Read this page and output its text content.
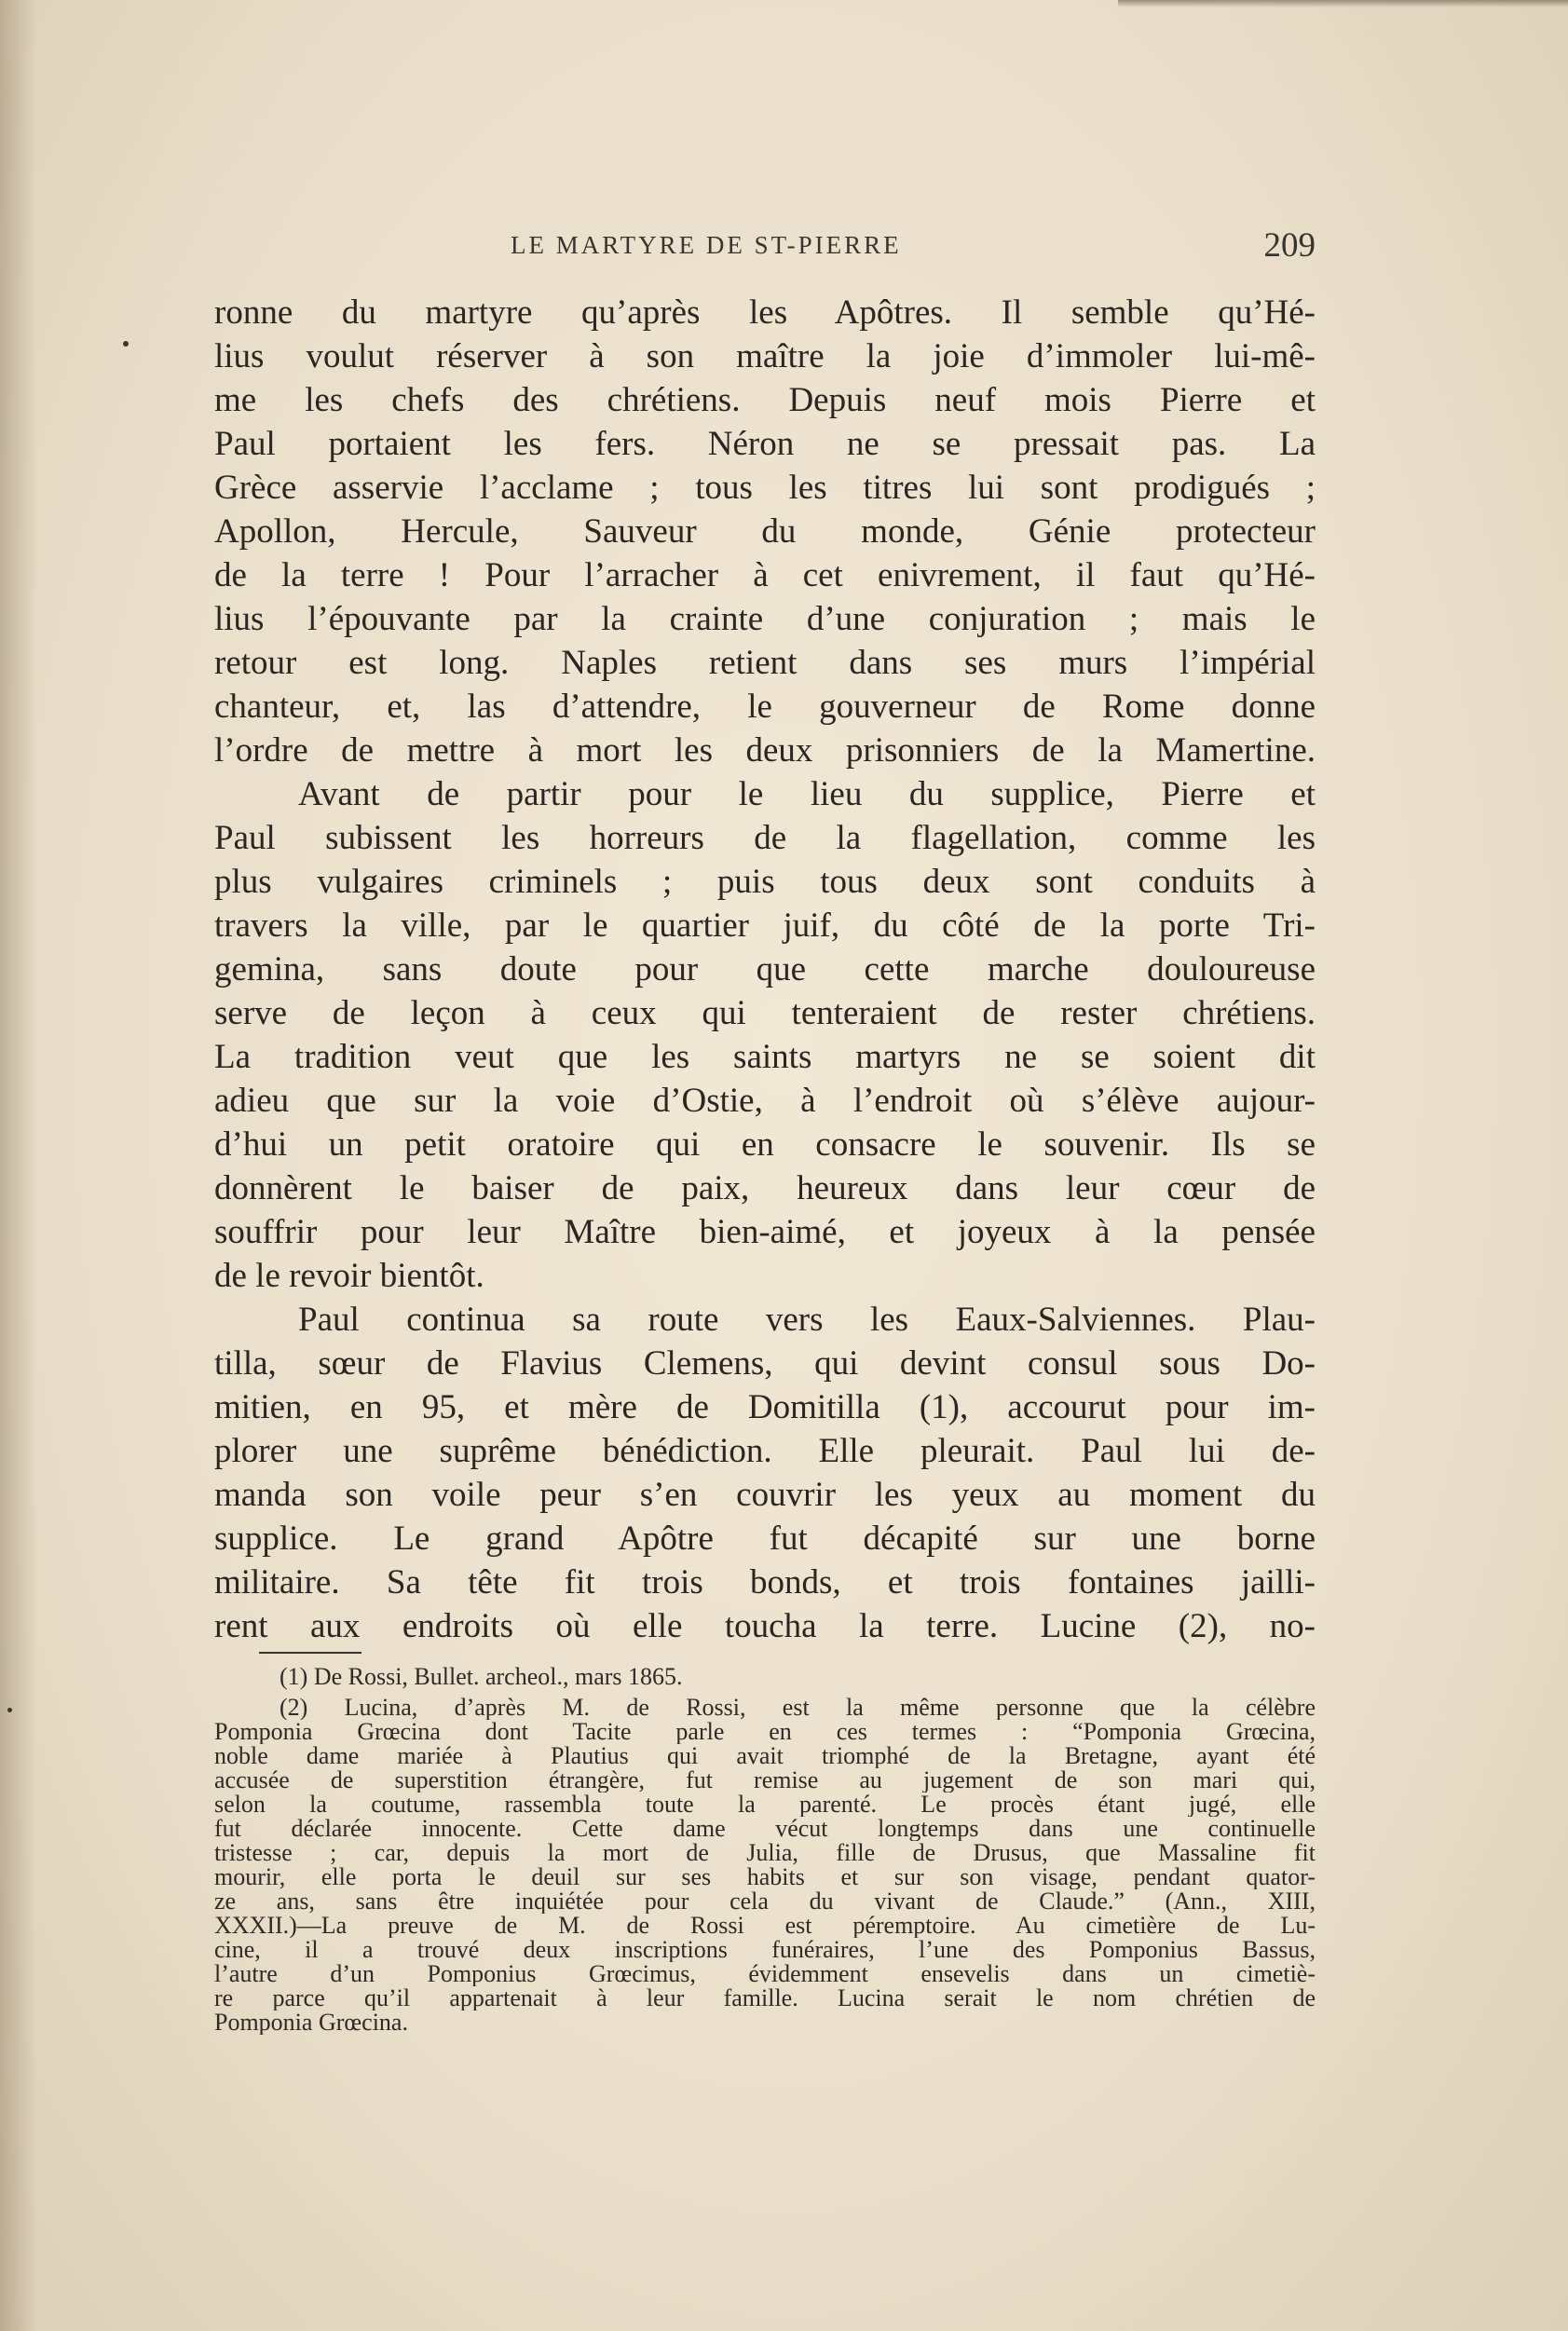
LE MARTYRE DE ST-PIERRE	209
ronne du martyre qu’après les Apôtres. Il semble qu’Hé-
lius voulut réserver à son maître la joie d’immoler lui-mê-
me les chefs des chrétiens. Depuis neuf mois Pierre et
Paul portaient les fers. Néron ne se pressait pas. La
Grèce asservie l’acclame ; tous les titres lui sont prodigués ;
Apollon, Hercule, Sauveur du monde, Génie protecteur
de la terre ! Pour l’arracher à cet enivrement, il faut qu’Hé-
lius l’épouvante par la crainte d’une conjuration ; mais le
retour est long. Naples retient dans ses murs l’impérial
chanteur, et, las d’attendre, le gouverneur de Rome donne
l’ordre de mettre à mort les deux prisonniers de la Mamertine.
Avant de partir pour le lieu du supplice, Pierre et
Paul subissent les horreurs de la flagellation, comme les
plus vulgaires criminels ; puis tous deux sont conduits à
travers la ville, par le quartier juif, du côté de la porte Tri-
gemina, sans doute pour que cette marche douloureuse
serve de leçon à ceux qui tenteraient de rester chrétiens.
La tradition veut que les saints martyrs ne se soient dit
adieu que sur la voie d’Ostie, à l’endroit où s’élève aujour-
d’hui un petit oratoire qui en consacre le souvenir. Ils se
donnèrent le baiser de paix, heureux dans leur cœur de
souffrir pour leur Maître bien-aimé, et joyeux à la pensée
de le revoir bientôt.
Paul continua sa route vers les Eaux-Salviennes. Plau-
tilla, sœur de Flavius Clemens, qui devint consul sous Do-
mitien, en 95, et mère de Domitilla (1), accourut pour im-
plorer une suprême bénédiction. Elle pleurait. Paul lui de-
manda son voile peur s’en couvrir les yeux au moment du
supplice. Le grand Apôtre fut décapité sur une borne
militaire. Sa tête fit trois bonds, et trois fontaines jailli-
rent aux endroits où elle toucha la terre. Lucine (2), no-
(1) De Rossi, Bullet. archeol., mars 1865.
(2) Lucina, d’après M. de Rossi, est la même personne que la célèbre
Pomponia Grœcina dont Tacite parle en ces termes : “Pomponia Grœcina,
noble dame mariée à Plautius qui avait triomphé de la Bretagne, ayant été
accusée de superstition étrangère, fut remise au jugement de son mari qui,
selon la coutume, rassembla toute la parenté. Le procès étant jugé, elle
fut déclarée innocente. Cette dame vécut longtemps dans une continuelle
tristesse ; car, depuis la mort de Julia, fille de Drusus, que Massaline fit
mourir, elle porta le deuil sur ses habits et sur son visage, pendant quator-
ze ans, sans être inquiétée pour cela du vivant de Claude.” (Ann., XIII,
XXXII.)—La preuve de M. de Rossi est péremptoire. Au cimetière de Lu-
cine, il a trouvé deux inscriptions funéraires, l’une des Pomponius Bassus,
l’autre d’un Pomponius Grœcimus, évidemment ensevelis dans un cimetiè-
re parce qu’il appartenait à leur famille. Lucina serait le nom chrétien de
Pomponia Grœcina.
